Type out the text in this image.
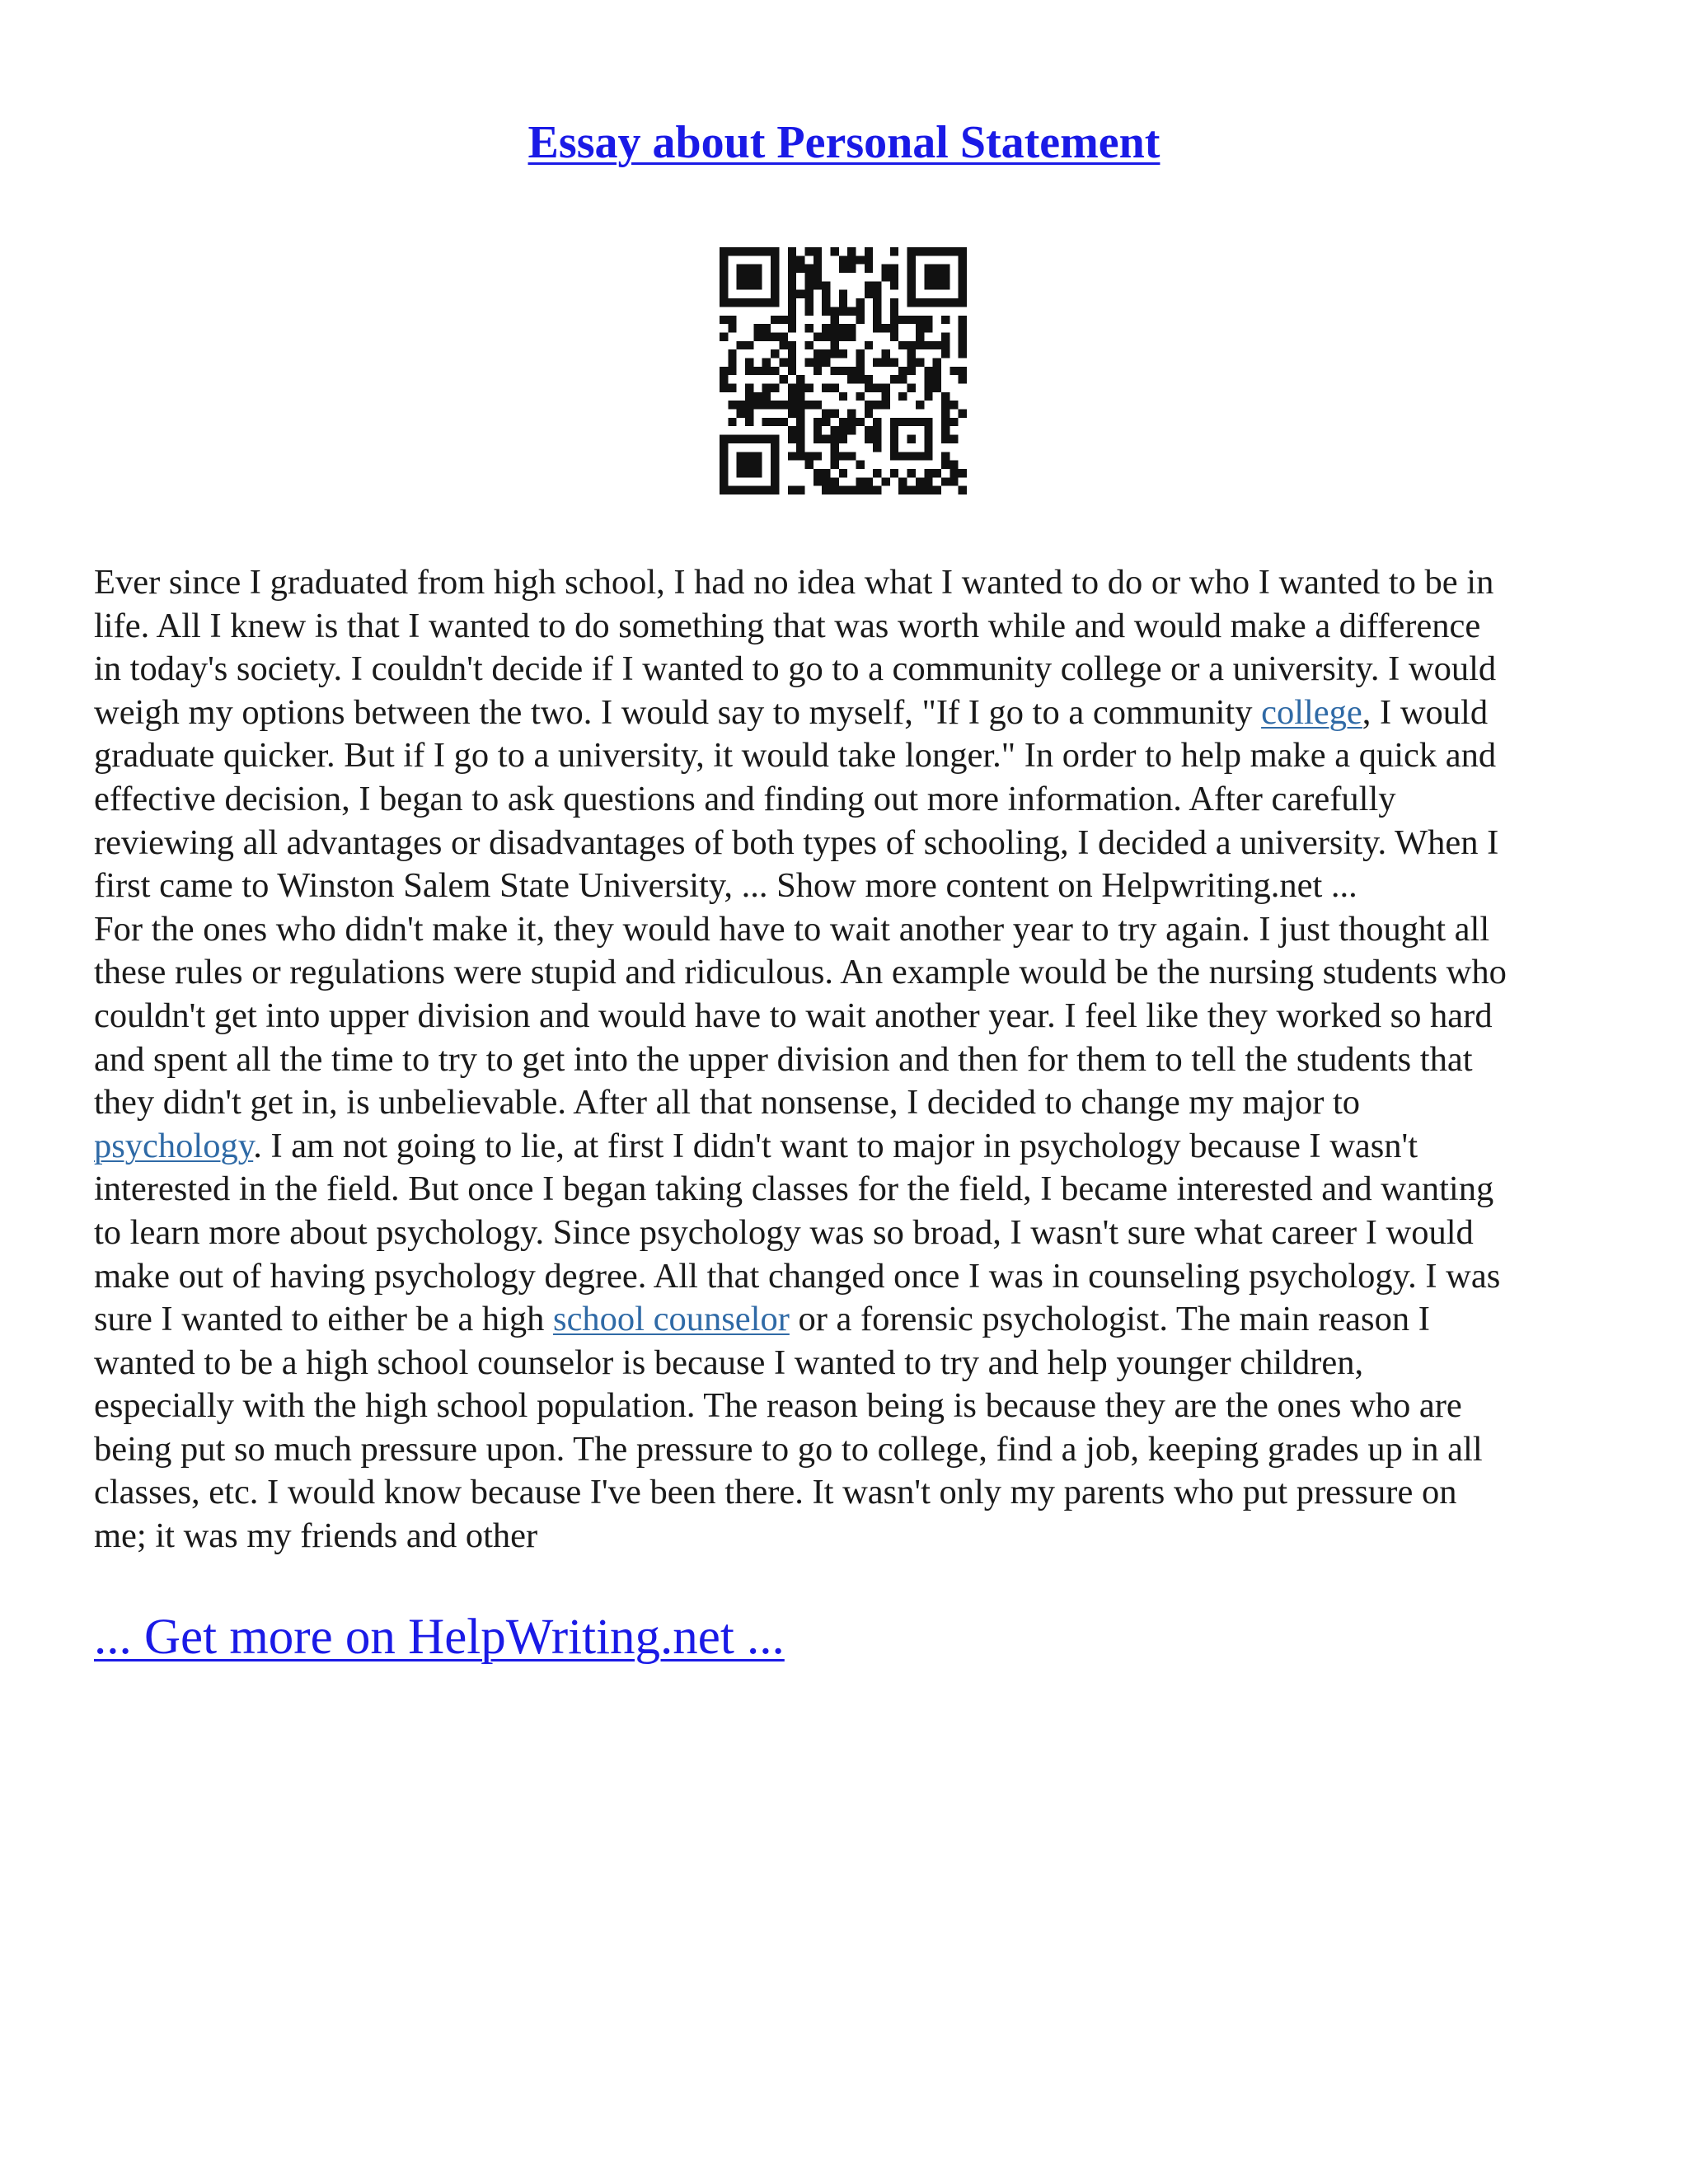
Essay about Personal Statement

Ever since I graduated from high school, I had no idea what I wanted to do or who I wanted to be in
life. All I knew is that I wanted to do something that was worth while and would make a difference
in today's society. I couldn't decide if I wanted to go to a community college or a university. I would
weigh my options between the two. I would say to myself, "If I go to a community college, I would
graduate quicker. But if I go to a university, it would take longer." In order to help make a quick and
effective decision, I began to ask questions and finding out more information. After carefully
reviewing all advantages or disadvantages of both types of schooling, I decided a university. When I
first came to Winston Salem State University, ... Show more content on Helpwriting.net ...
For the ones who didn't make it, they would have to wait another year to try again. I just thought all
these rules or regulations were stupid and ridiculous. An example would be the nursing students who
couldn't get into upper division and would have to wait another year. I feel like they worked so hard
and spent all the time to try to get into the upper division and then for them to tell the students that
they didn't get in, is unbelievable. After all that nonsense, I decided to change my major to
psychology. I am not going to lie, at first I didn't want to major in psychology because I wasn't
interested in the field. But once I began taking classes for the field, I became interested and wanting
to learn more about psychology. Since psychology was so broad, I wasn't sure what career I would
make out of having psychology degree. All that changed once I was in counseling psychology. I was
sure I wanted to either be a high school counselor or a forensic psychologist. The main reason I
wanted to be a high school counselor is because I wanted to try and help younger children,
especially with the high school population. The reason being is because they are the ones who are
being put so much pressure upon. The pressure to go to college, find a job, keeping grades up in all
classes, etc. I would know because I've been there. It wasn't only my parents who put pressure on
me; it was my friends and other

... Get more on HelpWriting.net ...
